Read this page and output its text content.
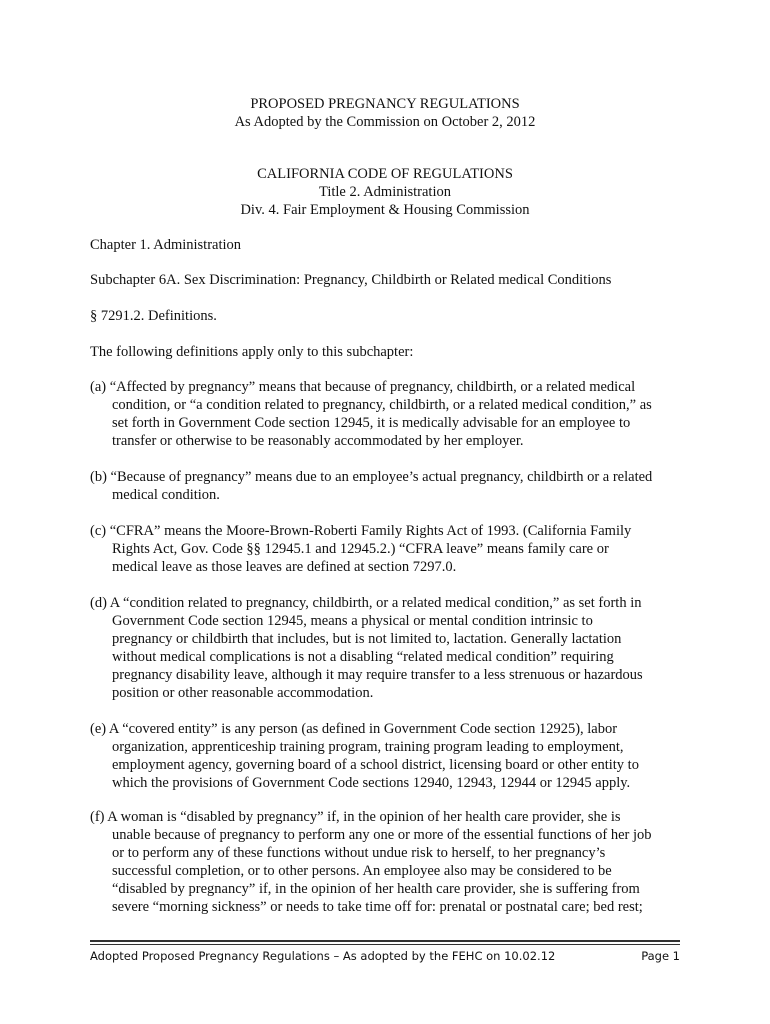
PROPOSED PREGNANCY REGULATIONS
As Adopted by the Commission on October 2, 2012
CALIFORNIA CODE OF REGULATIONS
Title 2. Administration
Div. 4. Fair Employment & Housing Commission
Chapter 1. Administration
Subchapter 6A. Sex Discrimination: Pregnancy, Childbirth or Related medical Conditions
§ 7291.2. Definitions.
The following definitions apply only to this subchapter:
(a) “Affected by pregnancy” means that because of pregnancy, childbirth, or a related medical
condition, or “a condition related to pregnancy, childbirth, or a related medical condition,” as
set forth in Government Code section 12945, it is medically advisable for an employee to
transfer or otherwise to be reasonably accommodated by her employer.
(b) “Because of pregnancy” means due to an employee’s actual pregnancy, childbirth or a related
medical condition.
(c) “CFRA” means the Moore-Brown-Roberti Family Rights Act of 1993. (California Family
Rights Act, Gov. Code §§ 12945.1 and 12945.2.) “CFRA leave” means family care or
medical leave as those leaves are defined at section 7297.0.
(d) A “condition related to pregnancy, childbirth, or a related medical condition,” as set forth in
Government Code section 12945, means a physical or mental condition intrinsic to
pregnancy or childbirth that includes, but is not limited to, lactation. Generally lactation
without medical complications is not a disabling “related medical condition” requiring
pregnancy disability leave, although it may require transfer to a less strenuous or hazardous
position or other reasonable accommodation.
(e) A “covered entity” is any person (as defined in Government Code section 12925), labor
organization, apprenticeship training program, training program leading to employment,
employment agency, governing board of a school district, licensing board or other entity to
which the provisions of Government Code sections 12940, 12943, 12944 or 12945 apply.
(f) A woman is “disabled by pregnancy” if, in the opinion of her health care provider, she is
unable because of pregnancy to perform any one or more of the essential functions of her job
or to perform any of these functions without undue risk to herself, to her pregnancy’s
successful completion, or to other persons. An employee also may be considered to be
“disabled by pregnancy” if, in the opinion of her health care provider, she is suffering from
severe “morning sickness” or needs to take time off for: prenatal or postnatal care; bed rest;
Adopted Proposed Pregnancy Regulations – As adopted by the FEHC on 10.02.12	Page 1
